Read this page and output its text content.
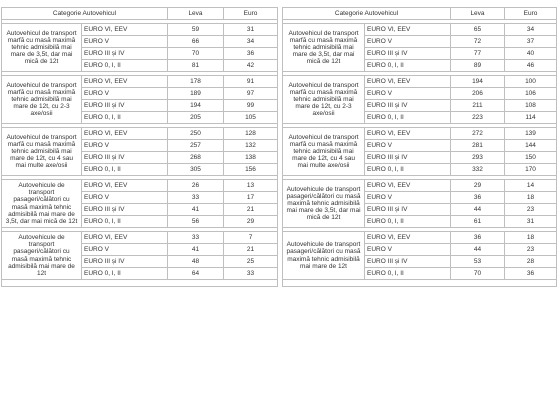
Categorie Autovehicul		Leva	Euro

Autovehicul de transport marfă cu masă maximă tehnic admisibilă mai mare de 3,5t, dar mai mică de 12t	EURO VI, EEV	59	31
	EURO V	66	34
	EURO III și IV	70	36
	EURO 0, I, II	81	42

Autovehicul de transport marfă cu masă maximă tehnic admisibilă mai mare de 12t, cu 2-3 axe/osii	EURO VI, EEV	178	91
	EURO V	189	97
	EURO III și IV	194	99
	EURO 0, I, II	205	105

Autovehicul de transport marfă cu masă maximă tehnic admisibilă mai mare de 12t, cu 4 sau mai multe axe/osii	EURO VI, EEV	250	128
	EURO V	257	132
	EURO III și IV	268	138
	EURO 0, I, II	305	156

Autovehicule de transport pasageri/călători cu masă maximă tehnic admisibilă mai mare de 3,5t, dar mai mică de 12t	EURO VI, EEV	26	13
	EURO V	33	17
	EURO III și IV	41	21
	EURO 0, I, II	56	29

Autovehicule de transport pasageri/călători cu masă maximă tehnic admisibilă mai mare de 12t	EURO VI, EEV	33	7
	EURO V	41	21
	EURO III și IV	48	25
	EURO 0, I, II	64	33

Categorie Autovehicul		Leva	Euro

Autovehicul de transport marfă cu masă maximă tehnic admisibilă mai mare de 3,5t, dar mai mică de 12t	EURO VI, EEV	65	34
	EURO V	72	37
	EURO III și IV	77	40
	EURO 0, I, II	89	46

Autovehicul de transport marfă cu masă maximă tehnic admisibilă mai mare de 12t, cu 2-3 axe/osii	EURO VI, EEV	194	100
	EURO V	206	106
	EURO III și IV	211	108
	EURO 0, I, II	223	114

Autovehicul de transport marfă cu masă maximă tehnic admisibilă mai mare de 12t, cu 4 sau mai multe axe/osii	EURO VI, EEV	272	139
	EURO V	281	144
	EURO III și IV	293	150
	EURO 0, I, II	332	170

Autovehicule de transport pasageri/călători cu masă maximă tehnic admisibilă mai mare de 3,5t, dar mai mică de 12t	EURO VI, EEV	29	14
	EURO V	36	18
	EURO III și IV	44	23
	EURO 0, I, II	61	31

Autovehicule de transport pasageri/călători cu masă maximă tehnic admisibilă mai mare de 12t	EURO VI, EEV	36	18
	EURO V	44	23
	EURO III și IV	53	28
	EURO 0, I, II	70	36
